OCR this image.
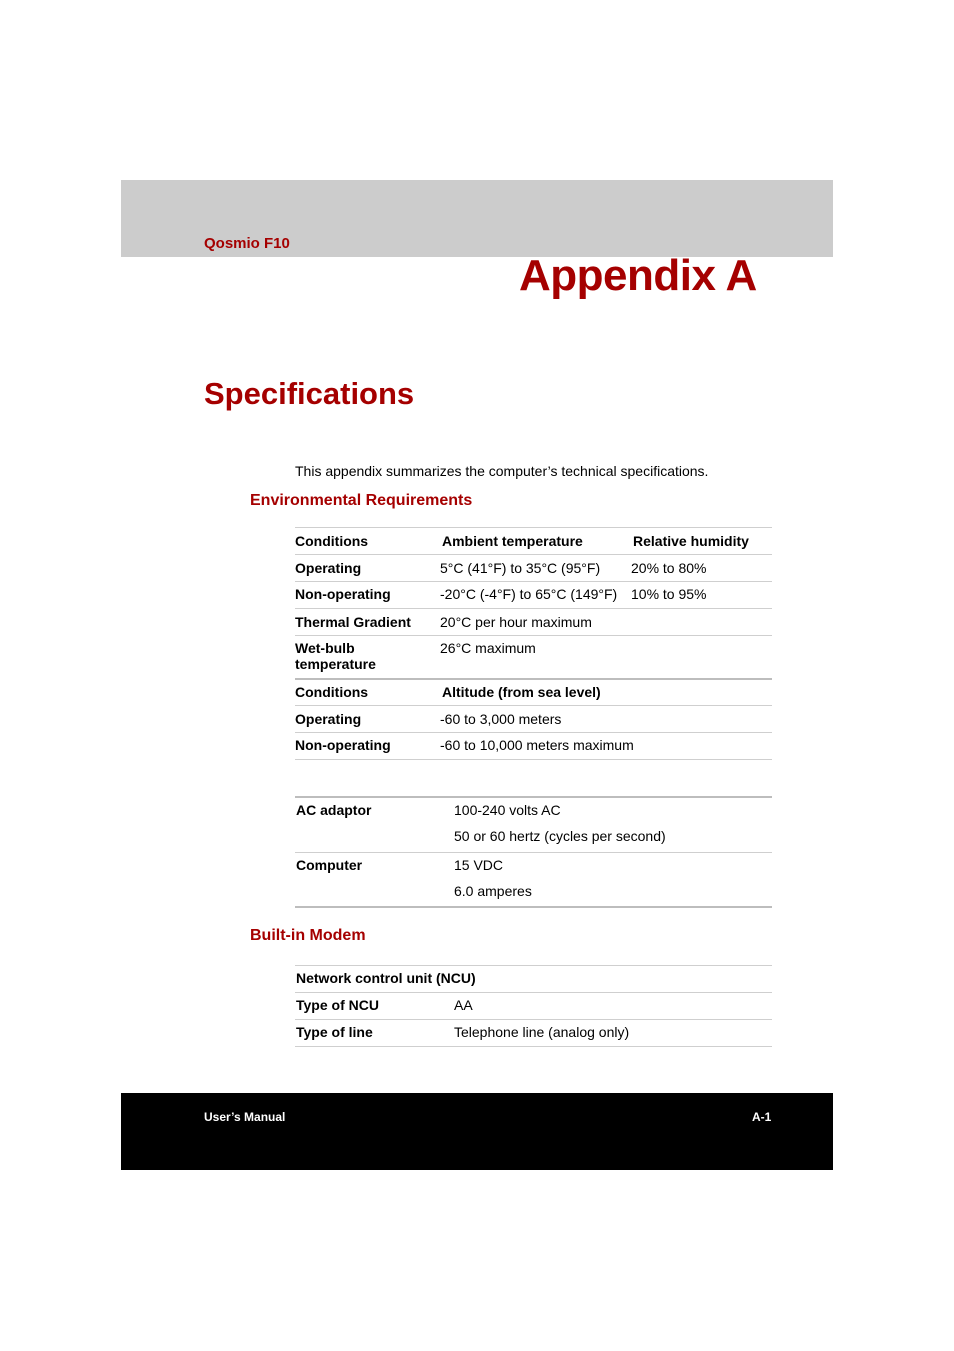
Qosmio F10
Appendix A
Specifications
This appendix summarizes the computer’s technical specifications.
Environmental Requirements
Conditions	Ambient temperature	Relative humidity
Operating	5°C (41°F) to 35°C (95°F)	20% to 80%
Non-operating	-20°C (-4°F) to 65°C (149°F)	10% to 95%
Thermal Gradient	20°C per hour maximum	
Wet-bulb temperature	26°C maximum	
Conditions	Altitude (from sea level)	
Operating	-60 to 3,000 meters	
Non-operating	-60 to 10,000 meters maximum	
AC adaptor	100-240 volts AC
	50 or 60 hertz (cycles per second)
Computer	15 VDC
	6.0 amperes
Built-in Modem
Network control unit (NCU)	
Type of NCU	AA
Type of line	Telephone line (analog only)
User’s Manual	A-1
